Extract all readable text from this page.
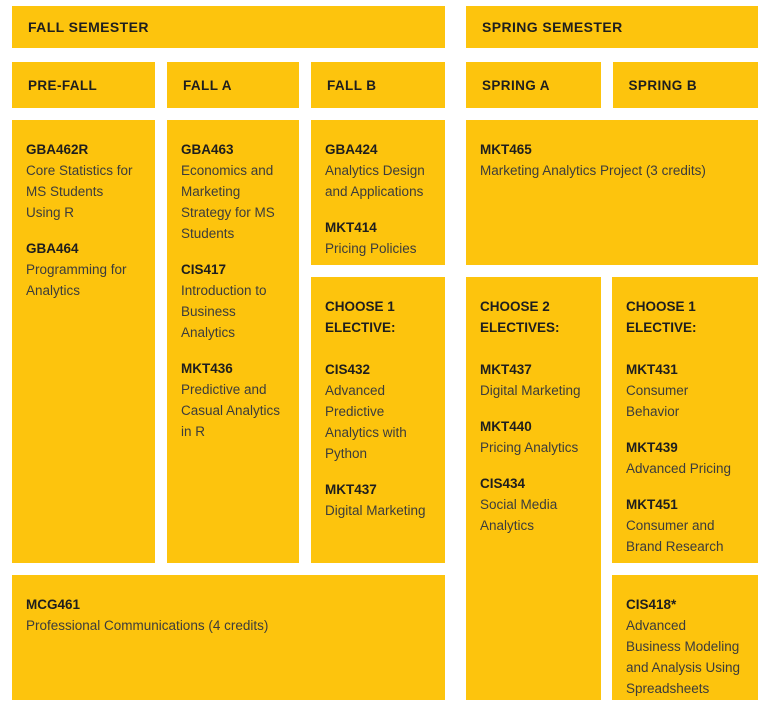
FALL SEMESTER
PRE-FALL	FALL A	FALL B
GBA462R
Core Statistics for MS Students Using R
GBA464
Programming for Analytics
GBA463
Economics and Marketing Strategy for MS Students
CIS417
Introduction to Business Analytics
MKT436
Predictive and Casual Analytics in R
GBA424
Analytics Design and Applications
MKT414
Pricing Policies
CHOOSE 1 ELECTIVE:
CIS432
Advanced Predictive Analytics with Python
MKT437
Digital Marketing
MCG461
Professional Communications (4 credits)
SPRING SEMESTER
SPRING A	SPRING B
MKT465
Marketing Analytics Project (3 credits)
CHOOSE 2 ELECTIVES:
MKT437
Digital Marketing
MKT440
Pricing Analytics
CIS434
Social Media Analytics
CHOOSE 1 ELECTIVE:
MKT431
Consumer Behavior
MKT439
Advanced Pricing
MKT451
Consumer and Brand Research
CIS418*
Advanced Business Modeling and Analysis Using Spreadsheets
